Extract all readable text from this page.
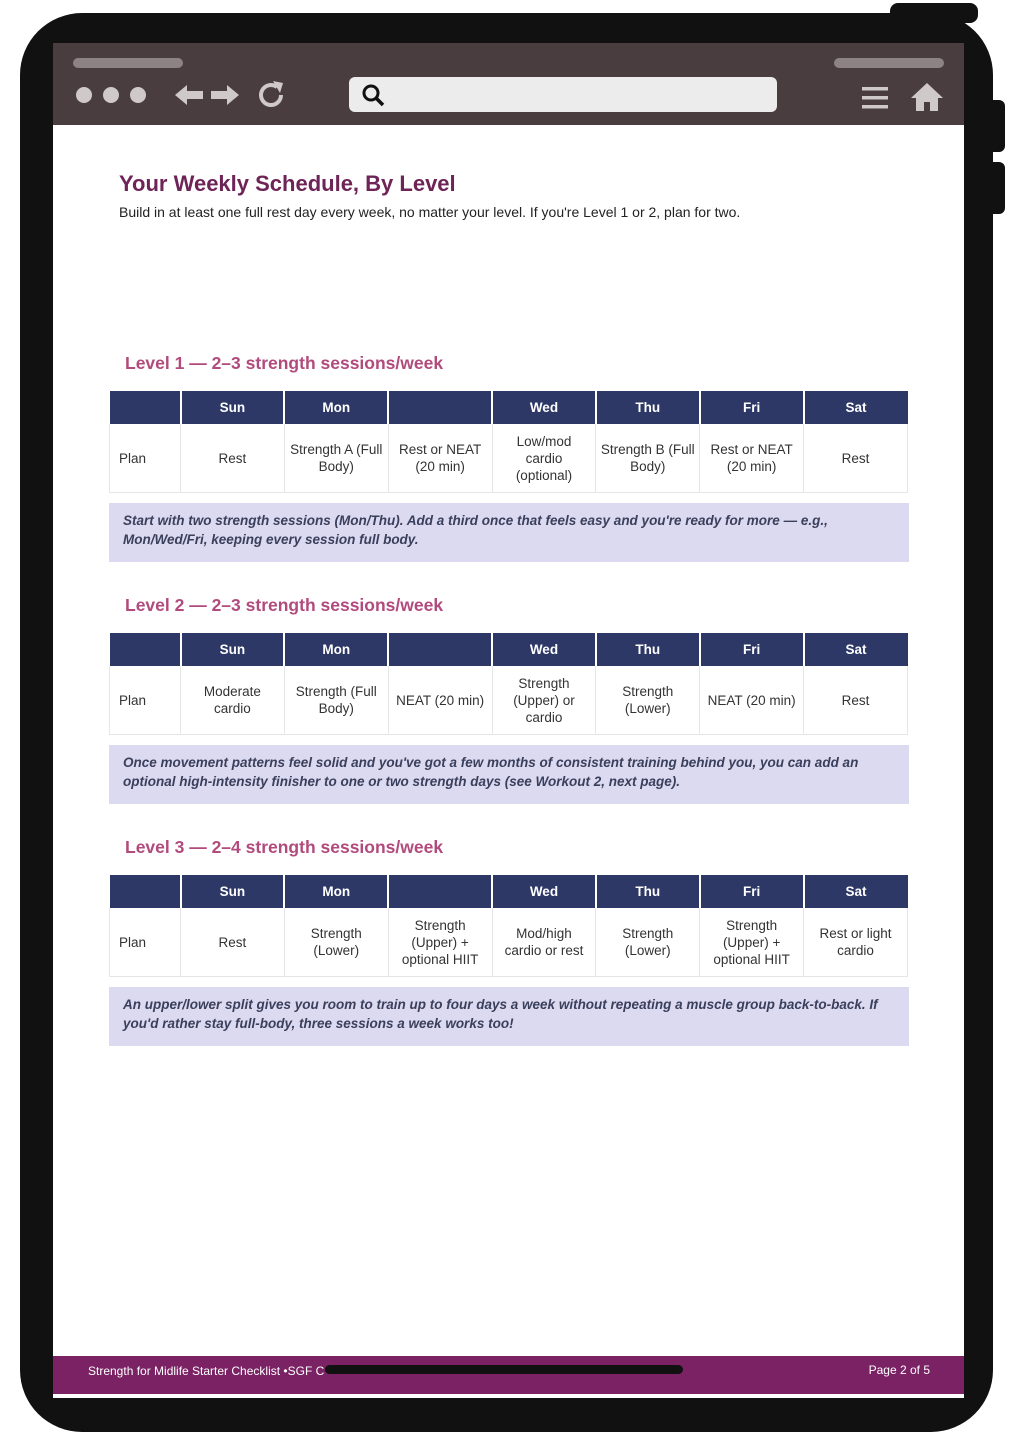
Your Weekly Schedule, By Level

Build in at least one full rest day every week, no matter your level. If you're Level 1 or 2, plan for two.

Level 1 — 2–3 strength sessions/week
	Sun	Mon		Wed	Thu	Fri	Sat
Plan	Rest	Strength A (Full Body)	Rest or NEAT (20 min)	Low/mod cardio (optional)	Strength B (Full Body)	Rest or NEAT (20 min)	Rest
Start with two strength sessions (Mon/Thu). Add a third once that feels easy and you're ready for more — e.g., Mon/Wed/Fri, keeping every session full body.
Level 2 — 2–3 strength sessions/week
	Sun	Mon		Wed	Thu	Fri	Sat
Plan	Moderate cardio	Strength (Full Body)	NEAT (20 min)	Strength (Upper) or cardio	Strength (Lower)	NEAT (20 min)	Rest
Once movement patterns feel solid and you've got a few months of consistent training behind you, you can add an optional high-intensity finisher to one or two strength days (see Workout 2, next page).
Level 3 — 2–4 strength sessions/week
	Sun	Mon		Wed	Thu	Fri	Sat
Plan	Rest	Strength (Lower)	Strength (Upper) + optional HIIT	Mod/high cardio or rest	Strength (Lower)	Strength (Upper) + optional HIIT	Rest or light cardio
An upper/lower split gives you room to train up to four days a week without repeating a muscle group back-to-back. If you'd rather stay full-body, three sessions a week works too!
Strength for Midlife Starter Checklist •SGF C	Page 2 of 5
